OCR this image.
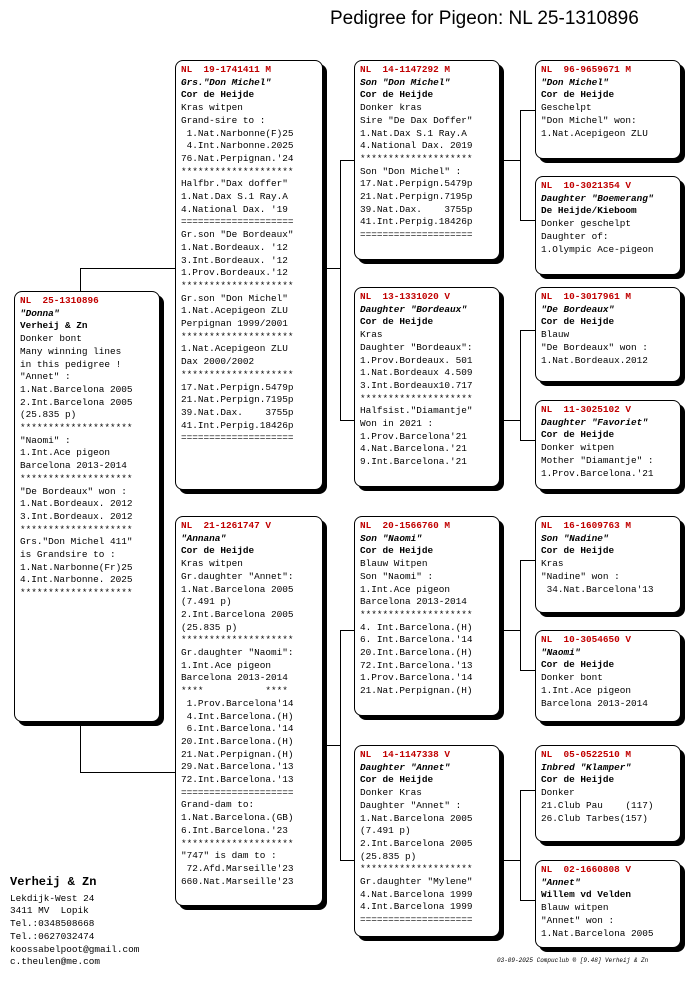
Pedigree for Pigeon: NL 25-1310896
NL  25-1310896
"Donna"
Verheij & Zn
Donker bont
Many winning lines
in this pedigree !
"Annet" :
1.Nat.Barcelona 2005
2.Int.Barcelona 2005
(25.835 p)
********************
"Naomi" :
1.Int.Ace pigeon
Barcelona 2013-2014
********************
"De Bordeaux" won :
1.Nat.Bordeaux. 2012
3.Int.Bordeaux. 2012
********************
Grs."Don Michel 411"
is Grandsire to :
1.Nat.Narbonne(Fr)25
4.Int.Narbonne. 2025
********************
NL  19-1741411 M
Grs."Don Michel"
Cor de Heijde
Kras witpen
Grand-sire to :
1.Nat.Narbonne(F)25
4.Int.Narbonne.2025
76.Nat.Perpignan.'24
********************
Halfbr."Dax doffer"
1.Nat.Dax S.1 Ray.A
4.National Dax. '19
====================
Gr.son "De Bordeaux"
1.Nat.Bordeaux. '12
3.Int.Bordeaux. '12
1.Prov.Bordeaux.'12
********************
Gr.son "Don Michel"
1.Nat.Acepigeon ZLU
Perpignan 1999/2001
********************
1.Nat.Acepigeon ZLU
Dax 2000/2002
********************
17.Nat.Perpign.5479p
21.Nat.Perpign.7195p
39.Nat.Dax.    3755p
41.Int.Perpig.18426p
====================
NL  21-1261747 V
"Annana"
Cor de Heijde
Kras witpen
Gr.daughter "Annet":
1.Nat.Barcelona 2005
(7.491 p)
2.Int.Barcelona 2005
(25.835 p)
********************
Gr.daughter "Naomi":
1.Int.Ace pigeon
Barcelona 2013-2014
****           ****
1.Prov.Barcelona'14
4.Int.Barcelona.(H)
6.Int.Barcelona.'14
20.Int.Barcelona.(H)
21.Nat.Perpignan.(H)
29.Nat.Barcelona.'13
72.Int.Barcelona.'13
====================
Grand-dam to:
1.Nat.Barcelona.(GB)
6.Int.Barcelona.'23
********************
"747" is dam to :
72.Afd.Marseille'23
660.Nat.Marseille'23
NL  14-1147292 M
Son "Don Michel"
Cor de Heijde
Donker kras
Sire "De Dax Doffer"
1.Nat.Dax S.1 Ray.A
4.National Dax. 2019
********************
Son "Don Michel" :
17.Nat.Perpign.5479p
21.Nat.Perpign.7195p
39.Nat.Dax.    3755p
41.Int.Perpig.18426p
====================
NL  13-1331020 V
Daughter "Bordeaux"
Cor de Heijde
Kras
Daughter "Bordeaux":
1.Prov.Bordeaux. 501
1.Nat.Bordeaux 4.509
3.Int.Bordeaux10.717
********************
Halfsist."Diamantje"
Won in 2021 :
1.Prov.Barcelona'21
4.Nat.Barcelona.'21
9.Int.Barcelona.'21
NL  20-1566760 M
Son "Naomi"
Cor de Heijde
Blauw Witpen
Son "Naomi" :
1.Int.Ace pigeon
Barcelona 2013-2014
********************
4. Int.Barcelona.(H)
6. Int.Barcelona.'14
20.Int.Barcelona.(H)
72.Int.Barcelona.'13
1.Prov.Barcelona.'14
21.Nat.Perpignan.(H)
NL  14-1147338 V
Daughter "Annet"
Cor de Heijde
Donker Kras
Daughter "Annet" :
1.Nat.Barcelona 2005
(7.491 p)
2.Int.Barcelona 2005
(25.835 p)
********************
Gr.daughter "Mylene"
4.Nat.Barcelona 1999
4.Int.Barcelona 1999
====================
NL  96-9659671 M
"Don Michel"
Cor de Heijde
Geschelpt
"Don Michel" won:
1.Nat.Acepigeon ZLU
NL  10-3021354 V
Daughter "Boemerang"
De Heijde/Kieboom
Donker geschelpt
Daughter of:
1.Olympic Ace-pigeon
NL  10-3017961 M
"De Bordeaux"
Cor de Heijde
Blauw
"De Bordeaux" won :
1.Nat.Bordeaux.2012
NL  11-3025102 V
Daughter "Favoriet"
Cor de Heijde
Donker witpen
Mother "Diamantje" :
1.Prov.Barcelona.'21
NL  16-1609763 M
Son "Nadine"
Cor de Heijde
Kras
"Nadine" won :
34.Nat.Barcelona'13
NL  10-3054650 V
"Naomi"
Cor de Heijde
Donker bont
1.Int.Ace pigeon
Barcelona 2013-2014
NL  05-0522510 M
Inbred "Klamper"
Cor de Heijde
Donker
21.Club Pau    (117)
26.Club Tarbes(157)
NL  02-1660808 V
"Annet"
Willem vd Velden
Blauw witpen
"Annet" won :
1.Nat.Barcelona 2005
Verheij & Zn
Lekdijk-West 24
3411 MV  Lopik
Tel.:0348508668
Tel.:0627032474
koossabelpoot@gmail.com
c.theulen@me.com	03-09-2025 Compuclub ® [9.48] Verheij & Zn
